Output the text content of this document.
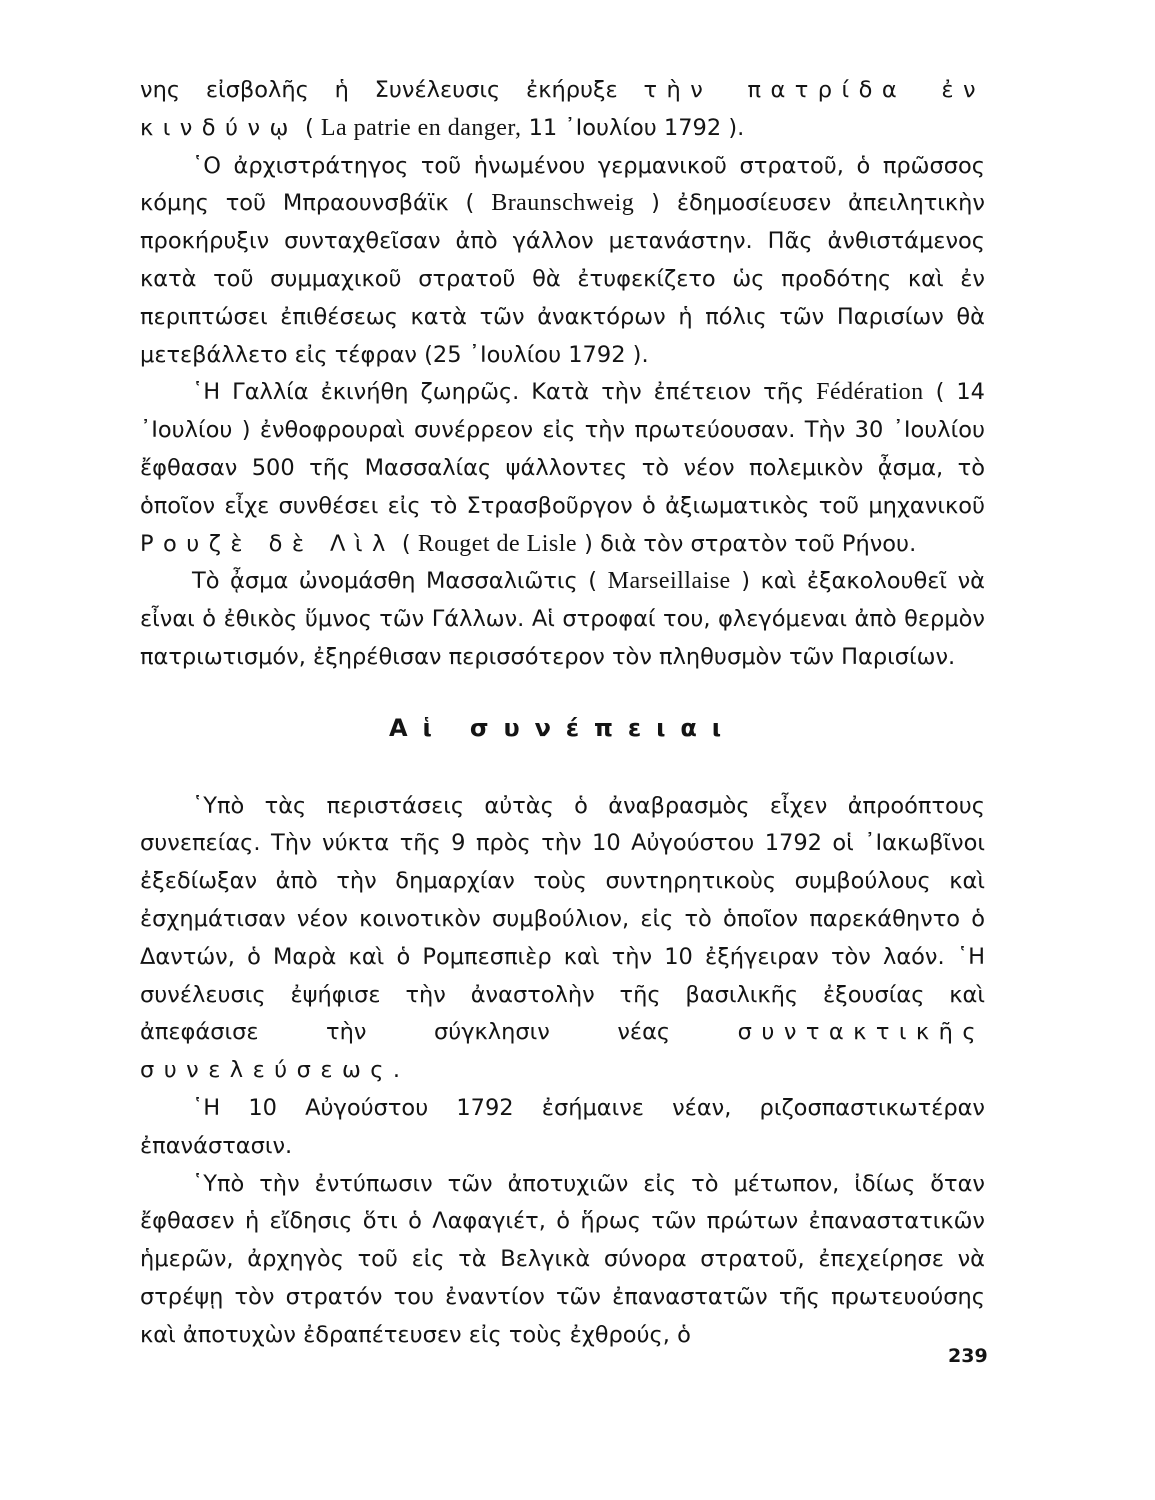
νης εἰσβολῆς ἡ Συνέλευσις ἐκήρυξε τὴν πατρίδα ἐν κινδύνῳ ( La patrie en danger, 11 ᾿Ιουλίου 1792 ).

῾Ο ἀρχιστράτηγος τοῦ ἡνωμένου γερμανικοῦ στρατοῦ, ὁ πρῶσσος κόμης τοῦ Μπραουνσβάϊκ ( Braunschweig ) ἐδημοσίευσεν ἀπειλητικὴν προκήρυξιν συνταχθεῖσαν ἀπὸ γάλλον μετανάστην. Πᾶς ἀνθιστάμενος κατὰ τοῦ συμμαχικοῦ στρατοῦ θὰ ἐτυφεκίζετο ὡς προδότης καὶ ἐν περιπτώσει ἐπιθέσεως κατὰ τῶν ἀνακτόρων ἡ πόλις τῶν Παρισίων θὰ μετεβάλλετο εἰς τέφραν (25 ᾿Ιουλίου 1792 ).

῾Η Γαλλία ἐκινήθη ζωηρῶς. Κατὰ τὴν ἐπέτειον τῆς Fédération ( 14 ᾿Ιουλίου ) ἐνθοφρουραὶ συνέρρεον εἰς τὴν πρωτεύουσαν. Τὴν 30 ᾿Ιουλίου ἔφθασαν 500 τῆς Μασσαλίας ψάλλοντες τὸ νέον πολεμικὸν ᾆσμα, τὸ ὁποῖον εἶχε συνθέσει εἰς τὸ Στρασβοῦργον ὁ ἀξιωματικὸς τοῦ μηχανικοῦ Ρουζὲ δὲ Λὶλ ( Rouget de Lisle ) διὰ τὸν στρατὸν τοῦ Ρήνου.

Τὸ ᾆσμα ὠνομάσθη Μασσαλιῶτις ( Marseillaise ) καὶ ἐξακολουθεῖ νὰ εἶναι ὁ ἐθικὸς ὕμνος τῶν Γάλλων. Αἱ στροφαί του, φλεγόμεναι ἀπὸ θερμὸν πατριωτισμόν, ἐξηρέθισαν περισσότερον τὸν πληθυσμὸν τῶν Παρισίων.

Αἱ συνέπειαι

῾Υπὸ τὰς περιστάσεις αὐτὰς ὁ ἀναβρασμὸς εἶχεν ἀπροόπτους συνεπείας. Τὴν νύκτα τῆς 9 πρὸς τὴν 10 Αὐγούστου 1792 οἱ ᾿Ιακωβῖνοι ἐξεδίωξαν ἀπὸ τὴν δημαρχίαν τοὺς συντηρητικοὺς συμβούλους καὶ ἐσχημάτισαν νέον κοινοτικὸν συμβούλιον, εἰς τὸ ὁποῖον παρεκάθηντο ὁ Δαντών, ὁ Μαρὰ καὶ ὁ Ρομπεσπιὲρ καὶ τὴν 10 ἐξήγειραν τὸν λαόν. ῾Η συνέλευσις ἐψήφισε τὴν ἀναστολὴν τῆς βασιλικῆς ἐξουσίας καὶ ἀπεφάσισε τὴν σύγκλησιν νέας συντακτικῆς συνελεύσεως.

῾Η 10 Αὐγούστου 1792 ἐσήμαινε νέαν, ριζοσπαστικωτέραν ἐπανάστασιν.

῾Υπὸ τὴν ἐντύπωσιν τῶν ἀποτυχιῶν εἰς τὸ μέτωπον, ἰδίως ὅταν ἔφθασεν ἡ εἴδησις ὅτι ὁ Λαφαγιέτ, ὁ ἥρως τῶν πρώτων ἐπαναστατικῶν ἡμερῶν, ἀρχηγὸς τοῦ εἰς τὰ Βελγικὰ σύνορα στρατοῦ, ἐπεχείρησε νὰ στρέψῃ τὸν στρατόν του ἐναντίον τῶν ἐπαναστατῶν τῆς πρωτευούσης καὶ ἀποτυχὼν ἐδραπέτευσεν εἰς τοὺς ἐχθρούς, ὁ

239
